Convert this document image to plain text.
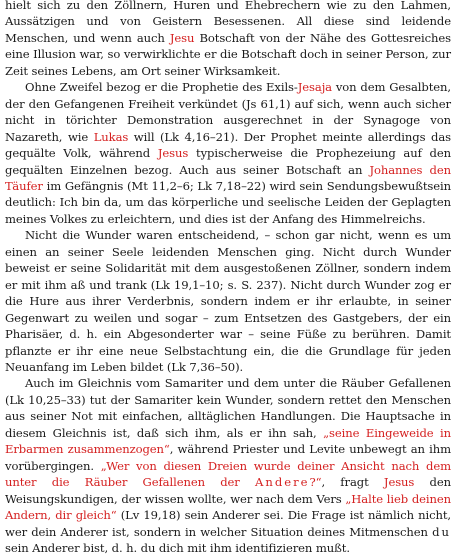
hielt sich zu den Zöllnern, Huren und Ehebrechern wie zu den Lahmen, Aussätzigen und von Geistern Besessenen. All diese sind leidende Menschen, und wenn auch Jesu Botschaft von der Nähe des Gottesreiches eine Illusion war, so verwirklichte er die Botschaft doch in seiner Person, zur Zeit seines Lebens, am Ort seiner Wirksamkeit.

Ohne Zweifel bezog er die Prophetie des Exils-Jesaja von dem Gesalbten, der den Gefangenen Freiheit verkündet (Js 61,1) auf sich, wenn auch sicher nicht in törichter Demonstration ausgerechnet in der Synagoge von Nazareth, wie Lukas will (Lk 4,16–21). Der Prophet meinte allerdings das gequälte Volk, während Jesus typischerweise die Prophezeiung auf den gequälten Einzelnen bezog. Auch aus seiner Botschaft an Johannes den Täufer im Gefängnis (Mt 11,2–6; Lk 7,18–22) wird sein Sendungsbewußtsein deutlich: Ich bin da, um das körperliche und seelische Leiden der Geplagten meines Volkes zu erleichtern, und dies ist der Anfang des Himmelreichs.

Nicht die Wunder waren entscheidend, – schon gar nicht, wenn es um einen an seiner Seele leidenden Menschen ging. Nicht durch Wunder beweist er seine Solidarität mit dem ausgestoßenen Zöllner, sondern indem er mit ihm aß und trank (Lk 19,1–10; s. S. 237). Nicht durch Wunder zog er die Hure aus ihrer Verderbnis, sondern indem er ihr erlaubte, in seiner Gegenwart zu weilen und sogar – zum Entsetzen des Gastgebers, der ein Pharisäer, d. h. ein Abgesonderter war – seine Füße zu berühren. Damit pflanzte er ihr eine neue Selbstachtung ein, die die Grundlage für jeden Neuanfang im Leben bildet (Lk 7,36–50).

Auch im Gleichnis vom Samariter und dem unter die Räuber Gefallenen (Lk 10,25–33) tut der Samariter kein Wunder, sondern rettet den Menschen aus seiner Not mit einfachen, alltäglichen Handlungen. Die Hauptsache in diesem Gleichnis ist, daß sich ihm, als er ihn sah, „seine Eingeweide in Erbarmen zusammenzogen“, während Priester und Levite unbewegt an ihm vorübergingen. „Wer von diesen Dreien wurde deiner Ansicht nach dem unter die Räuber Gefallenen der Andere?“, fragt Jesus den Weisungskundigen, der wissen wollte, wer nach dem Vers „Halte lieb deinen Andern, dir gleich“ (Lv 19,18) sein Anderer sei. Die Frage ist nämlich nicht, wer dein Anderer ist, sondern in welcher Situation deines Mitmenschen du sein Anderer bist, d. h. du dich mit ihm identifizieren mußt.
